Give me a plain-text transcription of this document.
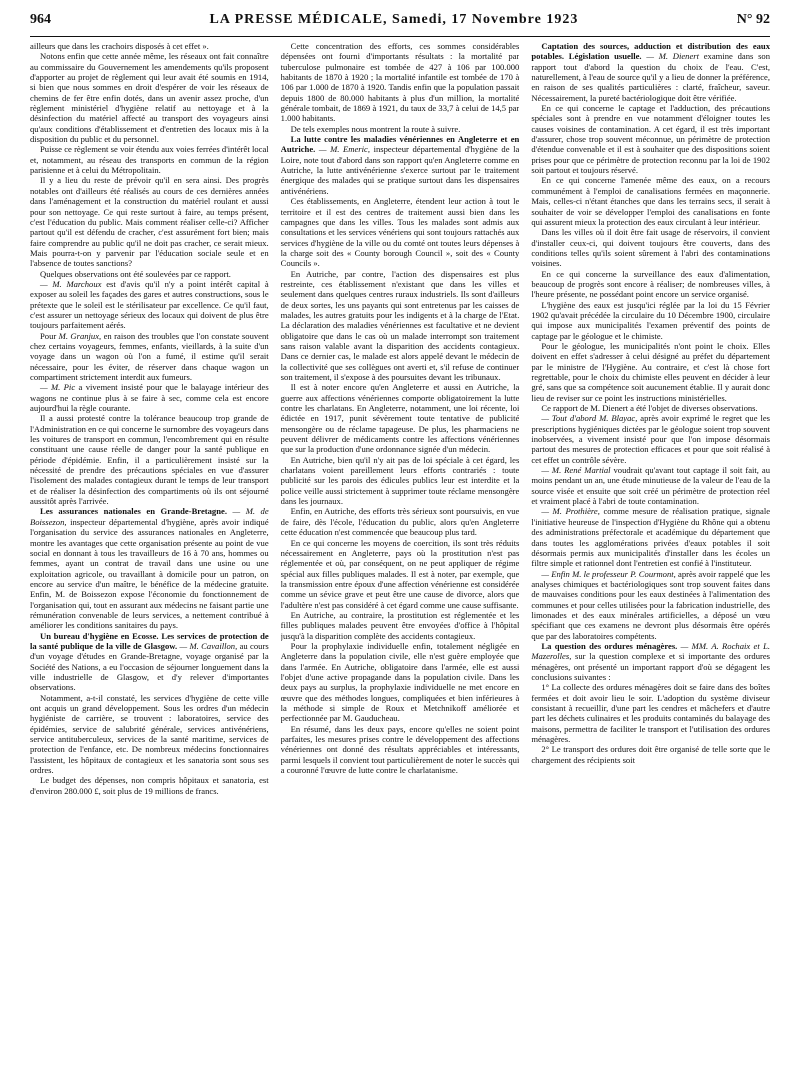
964	LA PRESSE MÉDICALE, Samedi, 17 Novembre 1923	N° 92

ailleurs que dans les crachoirs disposés à cet effet ».

Notons enfin que cette année même, les réseaux ont fait connaître au commissaire du Gouvernement les amendements qu'ils proposent d'apporter au projet de règlement qui leur avait été soumis en 1914, si bien que nous sommes en droit d'espérer de voir les réseaux de chemins de fer être enfin dotés, dans un avenir assez proche, d'un règlement ministériel d'hygiène relatif au nettoyage et à la désinfection du matériel affecté au transport des voyageurs ainsi qu'aux conditions d'établissement et d'entretien des locaux mis à la disposition du public et du personnel.

Puisse ce règlement se voir étendu aux voies ferrées d'intérêt local et, notamment, au réseau des transports en commun de la région parisienne et à celui du Métropolitain.

Il y a lieu du reste de prévoir qu'il en sera ainsi. Des progrès notables ont d'ailleurs été réalisés au cours de ces dernières années dans l'aménagement et la construction du matériel roulant et aussi pour son nettoyage. Ce qui reste surtout à faire, au temps présent, c'est l'éducation du public. Mais comment réaliser celle-ci? Afficher partout qu'il est défendu de cracher, c'est assurément fort bien; mais faire comprendre au public qu'il ne doit pas cracher, ce serait mieux. Mais pourra-t-on y parvenir par l'éducation sociale seule et en l'absence de toutes sanctions?

Quelques observations ont été soulevées par ce rapport.

— M. Marchoux est d'avis qu'il n'y a point intérêt capital à exposer au soleil les façades des gares et autres constructions, sous le prétexte que le soleil est le stérilisateur par excellence. Ce qu'il faut, c'est assurer un nettoyage sérieux des locaux qui doivent de plus être toujours parfaitement aérés.

Pour M. Granjux, en raison des troubles que l'on constate souvent chez certains voyageurs, femmes, enfants, vieillards, à la suite d'un voyage dans un wagon où l'on a fumé, il estime qu'il serait nécessaire, pour les éviter, de réserver dans chaque wagon un compartiment strictement interdit aux fumeurs.

— M. Pic a vivement insisté pour que le balayage intérieur des wagons ne continue plus à se faire à sec, comme cela est encore aujourd'hui la règle courante.

Il a aussi protesté contre la tolérance beaucoup trop grande de l'Administration en ce qui concerne le surnombre des voyageurs dans les voitures de transport en commun, l'encombrement qui en résulte constituant une cause réelle de danger pour la santé publique en période d'épidémie. Enfin, il a particulièrement insisté sur la nécessité de prendre des précautions spéciales en vue d'assurer l'isolement des malades contagieux durant le temps de leur transport et de réaliser la désinfection des compartiments où ils ont séjourné aussitôt après l'arrivée.

Les assurances nationales en Grande-Bretagne. — M. de Boissezon, inspecteur départemental d'hygiène, après avoir indiqué l'organisation du service des assurances nationales en Angleterre, montre les avantages que cette organisation présente au point de vue social en donnant à tous les travailleurs de 16 à 70 ans, hommes ou femmes, ayant un contrat de travail dans une usine ou une exploitation agricole, ou travaillant à domicile pour un patron, on encore au service d'un maître, le bénéfice de la médecine gratuite. Enfin, M. de Boissezon expose l'économie du fonctionnement de l'organisation qui, tout en assurant aux médecins ne faisant partie une rémunération convenable de leurs services, a nettement contribué à améliorer les conditions sanitaires du pays.

Un bureau d'hygiène en Ecosse. Les services de protection de la santé publique de la ville de Glasgow. — M. Cavaillon, au cours d'un voyage d'études en Grande-Bretagne, voyage organisé par la Société des Nations, a eu l'occasion de séjourner longuement dans la ville industrielle de Glasgow, et d'y relever d'importantes observations.

Notamment, a-t-il constaté, les services d'hygiène de cette ville ont acquis un grand développement. Sous les ordres d'un médecin hygiéniste de carrière, se trouvent : laboratoires, service des épidémies, service de salubrité générale, services antivénériens, service antituberculeux, services de la santé maritime, services de protection de l'enfance, etc. De nombreux médecins fonctionnaires l'assistent, les hôpitaux de contagieux et les sanatoria sont sous ses ordres.

Le budget des dépenses, non compris hôpitaux et sanatoria, est d'environ 280.000 £, soit plus de 19 millions de francs.

Cette concentration des efforts, ces sommes considérables dépensées ont fourni d'importants résultats : la mortalité par tuberculose pulmonaire est tombée de 427 à 106 par 100.000 habitants de 1870 à 1920 ; la mortalité infantile est tombée de 170 à 106 par 1.000 de 1870 à 1920. Tandis enfin que la population passait depuis 1800 de 80.000 habitants à plus d'un million, la mortalité générale tombait, de 1869 à 1921, du taux de 33,7 à celui de 14,5 par 1.000 habitants.

De tels exemples nous montrent la route à suivre.

La lutte contre les maladies vénériennes en Angleterre et en Autriche. — M. Emeric, inspecteur départemental d'hygiène de la Loire, note tout d'abord dans son rapport qu'en Angleterre comme en Autriche, la lutte antivénérienne s'exerce surtout par le traitement énergique des malades qui se pratique surtout dans les dispensaires antivénériens.

Ces établissements, en Angleterre, étendent leur action à tout le territoire et il est des centres de traitement aussi bien dans les campagnes que dans les villes. Tous les malades sont admis aux consultations et les services vénériens qui sont toujours rattachés aux services d'hygiène de la ville ou du comté ont toutes leurs dépenses à la charge soit des « County borough Council », soit des « County Councils ».

En Autriche, par contre, l'action des dispensaires est plus restreinte, ces établissement n'existant que dans les villes et seulement dans quelques centres ruraux industriels. Ils sont d'ailleurs de deux sortes, les uns payants qui sont entretenus par les caisses de malades, les autres gratuits pour les indigents et à la charge de l'Etat. La déclaration des maladies vénériennes est facultative et ne devient obligatoire que dans le cas où un malade interrompt son traitement sans raison valable avant la disparition des accidents contagieux. Dans ce dernier cas, le malade est alors appelé devant le médecin de la collectivité que ses collègues ont averti et, s'il refuse de continuer son traitement, il s'expose à des poursuites devant les tribunaux.

Il est à noter encore qu'en Angleterre et aussi en Autriche, la guerre aux affections vénériennes comporte obligatoirement la lutte contre les charlatans. En Angleterre, notamment, une loi récente, loi édictée en 1917, punit sévèrement toute tentative de publicité mensongère ou de réclame tapageuse. De plus, les pharmaciens ne peuvent délivrer de médicaments contre les affections vénériennes que sur la production d'une ordonnance signée d'un médecin.

En Autriche, bien qu'il n'y ait pas de loi spéciale à cet égard, les charlatans voient pareillement leurs efforts contrariés : toute publicité sur les parois des édicules publics leur est interdite et la police veille aussi strictement à supprimer toute réclame mensongère dans les journaux.

Enfin, en Autriche, des efforts très sérieux sont poursuivis, en vue de faire, dès l'école, l'éducation du public, alors qu'en Angleterre cette éducation n'est commencée que beaucoup plus tard.

En ce qui concerne les moyens de coercition, ils sont très réduits nécessairement en Angleterre, pays où la prostitution n'est pas réglementée et où, par conséquent, on ne peut appliquer de régime spécial aux filles publiques malades. Il est à noter, par exemple, que la transmission entre époux d'une affection vénérienne est considérée comme un sévice grave et peut être une cause de divorce, alors que l'adultère n'est pas considéré à cet égard comme une cause suffisante.

En Autriche, au contraire, la prostitution est réglementée et les filles publiques malades peuvent être envoyées d'office à l'hôpital jusqu'à la disparition complète des accidents contagieux.

Pour la prophylaxie individuelle enfin, totalement négligée en Angleterre dans la population civile, elle n'est guère employée que dans l'armée. En Autriche, obligatoire dans l'armée, elle est aussi l'objet d'une active propagande dans la population civile. Dans les deux pays au surplus, la prophylaxie individuelle ne met encore en œuvre que des méthodes longues, compliquées et bien inférieures à la méthode si simple de Roux et Metchnikoff améliorée et perfectionnée par M. Gauducheau.

En résumé, dans les deux pays, encore qu'elles ne soient point parfaites, les mesures prises contre le développement des affections vénériennes ont donné des résultats appréciables et intéressants, parmi lesquels il convient tout particulièrement de noter le succès qui a couronné l'œuvre de lutte contre le charlatanisme.

Captation des sources, adduction et distribution des eaux potables. Législation usuelle. — M. Dienert examine dans son rapport tout d'abord la question du choix de l'eau. C'est, naturellement, à l'eau de source qu'il y a lieu de donner la préférence, en raison de ses qualités particulières : clarté, fraîcheur, saveur. Nécessairement, la pureté bactériologique doit être vérifiée.

En ce qui concerne le captage et l'adduction, des précautions spéciales sont à prendre en vue notamment d'éloigner toutes les causes voisines de contamination. A cet égard, il est très important d'assurer, chose trop souvent méconnue, un périmètre de protection d'étendue convenable et il est à souhaiter que des dispositions soient prises pour que ce périmètre de protection reconnu par la loi de 1902 soit partout et toujours réservé.

En ce qui concerne l'amenée même des eaux, on a recours communément à l'emploi de canalisations fermées en maçonnerie. Mais, celles-ci n'étant étanches que dans les terrains secs, il serait à souhaiter de voir se développer l'emploi des canalisations en fonte qui assurent mieux la protection des eaux circulant à leur intérieur.

Dans les villes où il doit être fait usage de réservoirs, il convient d'installer ceux-ci, qui doivent toujours être couverts, dans des conditions telles qu'ils soient sûrement à l'abri des contaminations voisines.

En ce qui concerne la surveillance des eaux d'alimentation, beaucoup de progrès sont encore à réaliser; de nombreuses villes, à l'heure présente, ne possédant point encore un service organisé.

L'hygiène des eaux est jusqu'ici réglée par la loi du 15 Février 1902 qu'avait précédée la circulaire du 10 Décembre 1900, circulaire qui impose aux municipalités l'examen préventif des points de captage par le géologue et le chimiste.

Pour le géologue, les municipalités n'ont point le choix. Elles doivent en effet s'adresser à celui désigné au préfet du département par le ministre de l'Hygiène. Au contraire, et c'est là chose fort regrettable, pour le choix du chimiste elles peuvent en décider à leur gré, sans que sa compétence soit aucunement établie. Il y aurait donc lieu de reviser sur ce point les instructions ministérielles.

Ce rapport de M. Dienert a été l'objet de diverses observations.

— Tout d'abord M. Blayac, après avoir exprimé le regret que les prescriptions hygiéniques dictées par le géologue soient trop souvent inobservées, a vivement insisté pour que l'on impose désormais partout des mesures de protection efficaces et pour que soit réalisé à cet effet un contrôle sévère.

— M. René Martial voudrait qu'avant tout captage il soit fait, au moins pendant un an, une étude minutieuse de la valeur de l'eau de la source visée et ensuite que soit créé un périmètre de protection réel et vraiment placé à l'abri de toute contamination.

— M. Prothière, comme mesure de réalisation pratique, signale l'initiative heureuse de l'inspection d'Hygiène du Rhône qui a obtenu des administrations préfectorale et académique du département que dans toutes les agglomérations privées d'eaux potables il soit désormais permis aux municipalités d'installer dans les écoles un filtre simple et rationnel dont l'entretien est confié à l'instituteur.

— Enfin M. le professeur P. Courmont, après avoir rappelé que les analyses chimiques et bactériologiques sont trop souvent faites dans de mauvaises conditions pour les eaux destinées à l'alimentation des communes et pour celles utilisées pour la fabrication industrielle, des limonades et des eaux minérales artificielles, a déposé un vœu spécifiant que ces examens ne devront plus désormais être opérés que par des laboratoires compétents.

La question des ordures ménagères. — MM. A. Rochaix et L. Mazerolles, sur la question complexe et si importante des ordures ménagères, ont présenté un important rapport d'où se dégagent les conclusions suivantes :

1° La collecte des ordures ménagères doit se faire dans des boîtes fermées et doit avoir lieu le soir. L'adoption du système diviseur consistant à recueillir, d'une part les cendres et mâchefers et d'autre part les déchets culinaires et les produits contaminés du balayage des maisons, permettra de faciliter le transport et l'utilisation des ordures ménagères.

2° Le transport des ordures doit être organisé de telle sorte que le chargement des récipients soit
